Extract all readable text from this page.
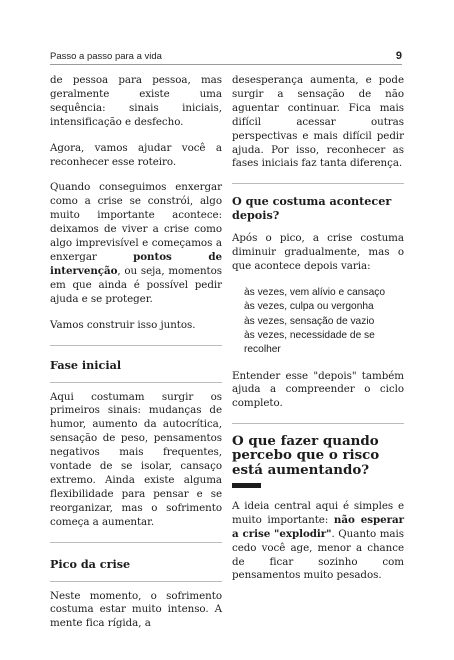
Passo a passo para a vida	9

de pessoa para pessoa, mas geralmente existe uma sequência: sinais iniciais, intensificação e desfecho.

Agora, vamos ajudar você a reconhecer esse roteiro.

Quando conseguimos enxergar como a crise se constrói, algo muito importante acontece: deixamos de viver a crise como algo imprevisível e começamos a enxergar pontos de intervenção, ou seja, momentos em que ainda é possível pedir ajuda e se proteger.

Vamos construir isso juntos.

Fase inicial

Aqui costumam surgir os primeiros sinais: mudanças de humor, aumento da autocrítica, sensação de peso, pensamentos negativos mais frequentes, vontade de se isolar, cansaço extremo. Ainda existe alguma flexibilidade para pensar e se reorganizar, mas o sofrimento começa a aumentar.

Pico da crise

Neste momento, o sofrimento costuma estar muito intenso. A mente fica rígida, a

desesperança aumenta, e pode surgir a sensação de não aguentar continuar. Fica mais difícil acessar outras perspectivas e mais difícil pedir ajuda. Por isso, reconhecer as fases iniciais faz tanta diferença.

O que costuma acontecer depois?

Após o pico, a crise costuma diminuir gradualmente, mas o que acontece depois varia:

às vezes, vem alívio e cansaço
às vezes, culpa ou vergonha
às vezes, sensação de vazio
às vezes, necessidade de se recolher

Entender esse "depois" também ajuda a compreender o ciclo completo.

O que fazer quando percebo que o risco está aumentando?

A ideia central aqui é simples e muito importante: não esperar a crise "explodir". Quanto mais cedo você age, menor a chance de ficar sozinho com pensamentos muito pesados.
